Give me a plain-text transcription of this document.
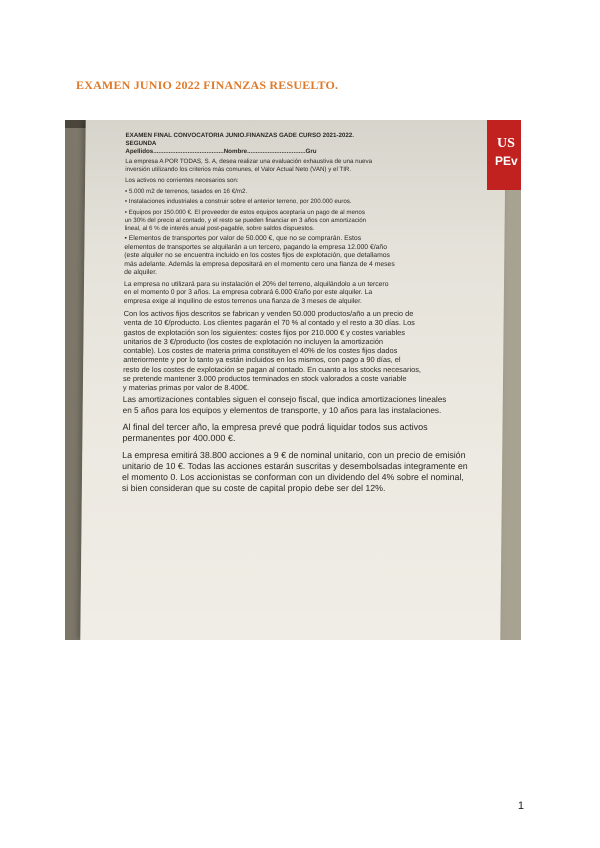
EXAMEN JUNIO 2022 FINANZAS RESUELTO.
EXAMEN FINAL CONVOCATORIA JUNIO.FINANZAS GADE CURSO 2021-2022.
SEGUNDA
Apellidos.........................................Nombre..................................Gru
La empresa A POR TODAS, S. A, desea realizar una evaluación exhaustiva de una nueva
inversión utilizando los criterios más comunes, el Valor Actual Neto (VAN) y el TIR.
Los activos no corrientes necesarios son:
• 5.000 m2 de terrenos, tasados en 16 €/m2.
• Instalaciones industriales a construir sobre el anterior terreno, por 200.000 euros.
• Equipos por 150.000 €. El proveedor de estos equipos aceptaría un pago de al menos
un 30% del precio al contado, y el resto se pueden financiar en 3 años con amortización
lineal, al 6 % de interés anual post-pagable, sobre saldos dispuestos.
• Elementos de transportes por valor de 50.000 €, que no se comprarán. Estos
elementos de transportes se alquilarán a un tercero, pagando la empresa 12.000 €/año
(este alquiler no se encuentra incluido en los costes fijos de explotación, que detallamos
más adelante. Además la empresa depositará en el momento cero una fianza de 4 meses
de alquiler.
La empresa no utilizará para su instalación el 20% del terreno, alquilándolo a un tercero
en el momento 0 por 3 años. La empresa cobrará 6.000 €/año por este alquiler. La
empresa exige al inquilino de estos terrenos una fianza de 3 meses de alquiler.
Con los activos fijos descritos se fabrican y venden 50.000 productos/año a un precio de
venta de 10 €/producto. Los clientes pagarán el 70 % al contado y el resto a 30 días. Los
gastos de explotación son los siguientes: costes fijos por 210.000 € y costes variables
unitarios de 3 €/producto (los costes de explotación no incluyen la amortización
contable). Los costes de materia prima constituyen el 40% de los costes fijos dados
anteriormente y por lo tanto ya están incluidos en los mismos, con pago a 90 días, el
resto de los costes de explotación se pagan al contado. En cuanto a los stocks necesarios,
se pretende mantener 3.000 productos terminados en stock valorados a coste variable
y materias primas por valor de 8.400€.
Las amortizaciones contables siguen el consejo fiscal, que indica amortizaciones lineales
en 5 años para los equipos y elementos de transporte, y 10 años para las instalaciones.
Al final del tercer año, la empresa prevé que podrá liquidar todos sus activos
permanentes por 400.000 €.
La empresa emitirá 38.800 acciones a 9 € de nominal unitario, con un precio de emisión
unitario de 10 €. Todas las acciones estarán suscritas y desembolsadas integramente en
el momento 0. Los accionistas se conforman con un dividendo del 4% sobre el nominal,
si bien consideran que su coste de capital propio debe ser del 12%.
US
PEv
1
